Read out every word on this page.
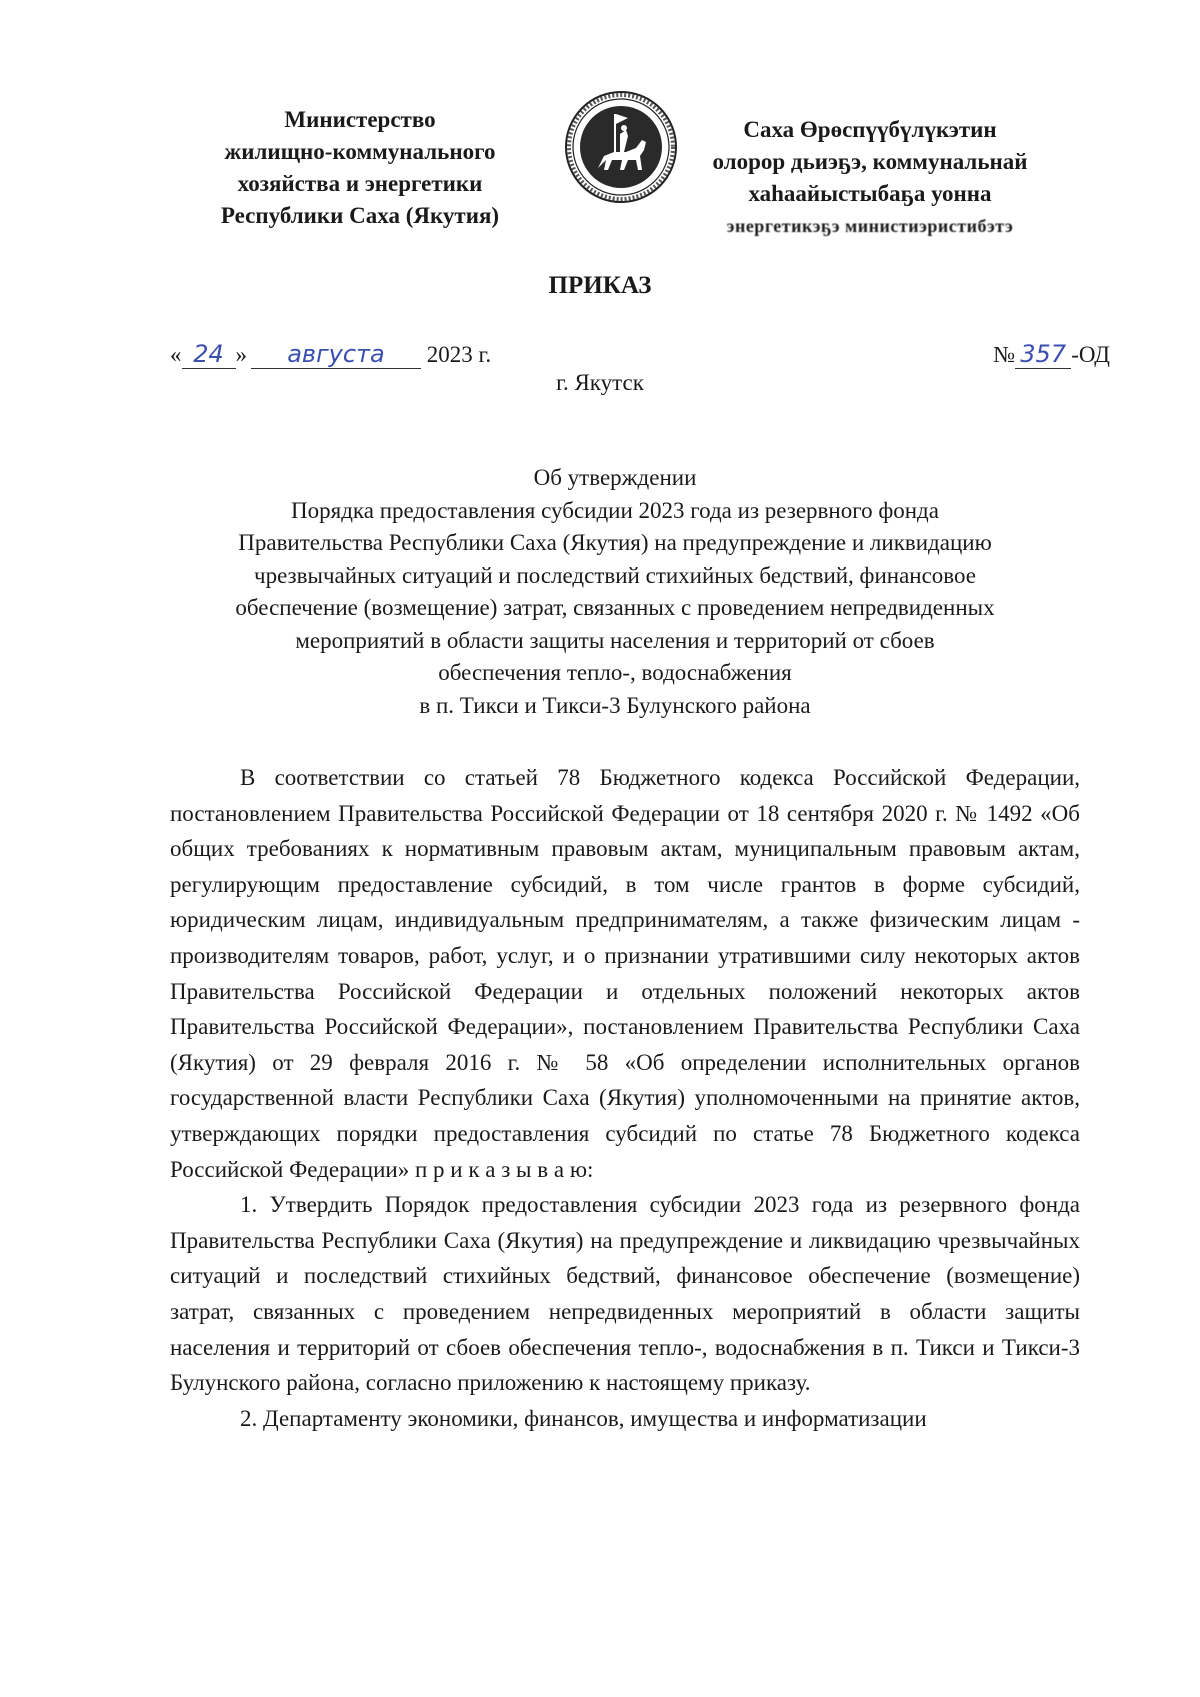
Министерство
жилищно-коммунального
хозяйства и энергетики
Республики Саха (Якутия)
Саха Өрөспүүбүлүкэтин
олорор дьиэҕэ, коммунальнай
хаһаайыстыбаҕа уонна
энергетикэҕэ министиэристибэтэ
ПРИКАЗ
« 24 » августа 2023 г.	№ 357 -ОД
г. Якутск
Об утверждении
Порядка предоставления субсидии 2023 года из резервного фонда
Правительства Республики Саха (Якутия) на предупреждение и ликвидацию
чрезвычайных ситуаций и последствий стихийных бедствий, финансовое
обеспечение (возмещение) затрат, связанных с проведением непредвиденных
мероприятий в области защиты населения и территорий от сбоев
обеспечения тепло-, водоснабжения
в п. Тикси и Тикси-3 Булунского района

В соответствии со статьей 78 Бюджетного кодекса Российской Федерации, постановлением Правительства Российской Федерации от 18 сентября 2020 г. № 1492 «Об общих требованиях к нормативным правовым актам, муниципальным правовым актам, регулирующим предоставление субсидий, в том числе грантов в форме субсидий, юридическим лицам, индивидуальным предпринимателям, а также физическим лицам - производителям товаров, работ, услуг, и о признании утратившими силу некоторых актов Правительства Российской Федерации и отдельных положений некоторых актов Правительства Российской Федерации», постановлением Правительства Республики Саха (Якутия) от 29 февраля 2016 г. № 58 «Об определении исполнительных органов государственной власти Республики Саха (Якутия) уполномоченными на принятие актов, утверждающих порядки предоставления субсидий по статье 78 Бюджетного кодекса Российской Федерации» п р и к а з ы в а ю:

1. Утвердить Порядок предоставления субсидии 2023 года из резервного фонда Правительства Республики Саха (Якутия) на предупреждение и ликвидацию чрезвычайных ситуаций и последствий стихийных бедствий, финансовое обеспечение (возмещение) затрат, связанных с проведением непредвиденных мероприятий в области защиты населения и территорий от сбоев обеспечения тепло-, водоснабжения в п. Тикси и Тикси-3 Булунского района, согласно приложению к настоящему приказу.

2. Департаменту экономики, финансов, имущества и информатизации
